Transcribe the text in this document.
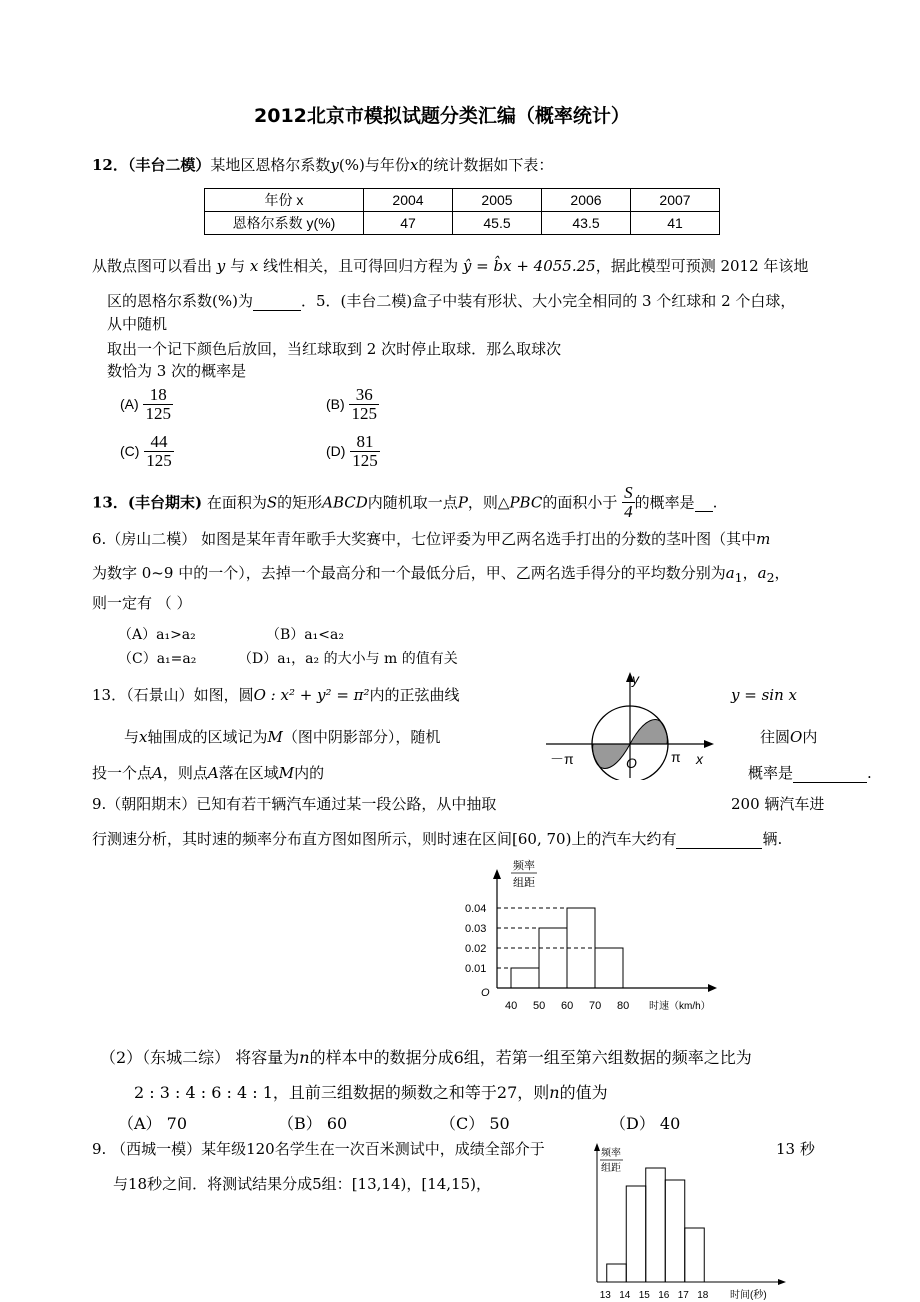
2012北京市模拟试题分类汇编（概率统计）
12．（丰台二模）某地区恩格尔系数y(%)与年份x的统计数据如下表：
年份 x	2004	2005	2006	2007
恩格尔系数 y(%)	47	45.5	43.5	41
从散点图可以看出 y 与 x 线性相关，且可得回归方程为 ŷ = b̂x + 4055.25，据此模型可预测 2012 年该地
区的恩格尔系数(%)为	．5．(丰台二模)盒子中装有形状、大小完全相同的 3 个红球和 2 个白球，
从中随机
取出一个记下颜色后放回，当红球取到 2 次时停止取球．那么取球次
数恰为 3 次的概率是
$(A) \frac{18}{125}$	$(B) \frac{36}{125}$
$(C) \frac{44}{125}$	$(D) \frac{81}{125}$
13．(丰台期末) 在面积为S的矩形ABCD内随机取一点P，则△PBC的面积小于 $\frac{S}{4}$ 的概率是 .
6.（房山二模） 如图是某年青年歌手大奖赛中，七位评委为甲乙两名选手打出的分数的茎叶图（其中m
为数字 0~9 中的一个），去掉一个最高分和一个最低分后，甲、乙两名选手得分的平均数分别为$a_1$，$a_2$，
则一定有 （ ）
（A）a₁>a₂	（B）a₁<a₂
（C）a₁=a₂	（D）a₁，a₂ 的大小与 m 的值有关
13．（石景山）如图，圆O : x² + y² = π²内的正弦曲线	y = sin x
与x轴围成的区域记为M（图中阴影部分），随机	往圆O内
投一个点A，则点A落在区域M内的	概率是	.
y
－π	O π x
9.（朝阳期末）已知有若干辆汽车通过某一段公路，从中抽取	200 辆汽车进
行测速分析，其时速的频率分布直方图如图所示，则时速在区间[60, 70)上的汽车大约有	辆.
频率
组距
O
0.01
0.02
0.03
0.04
40 50 60 70 80 时速（km/h）
（2）（东城二综） 将容量为n的样本中的数据分成6组，若第一组至第六组数据的频率之比为
2 : 3 : 4 : 6 : 4 : 1，且前三组数据的频数之和等于27，则n的值为
（A） 70	（B） 60	（C） 50	（D） 40
9. （西城一模）某年级120名学生在一次百米测试中，成绩全部介于	13 秒
与18秒之间．将测试结果分成5组：[13,14)，[14,15)，
频率
组距
13 14 15 16 17 18 时间(秒)
